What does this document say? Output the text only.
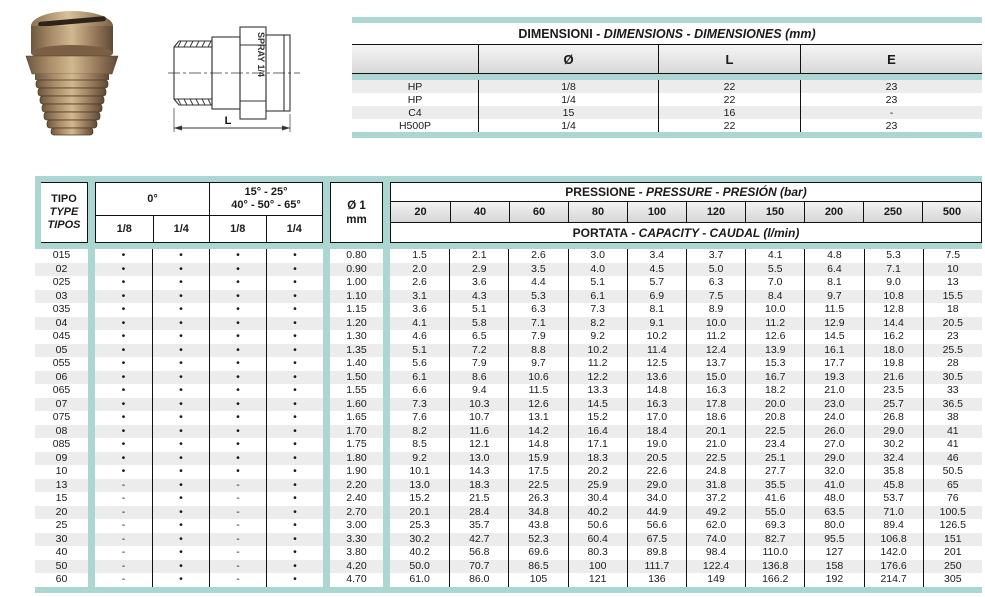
SPRAY 1/4
L
DIMENSIONI - DIMENSIONS - DIMENSIONES (mm)
Ø	L	E
HP	1/8	22	23
HP	1/4	22	23
C4	15	16	-
H500P	1/4	22	23
TIPO
TYPE
TIPOS
0°
15° - 25°
40° - 50° - 65°
1/8	1/4	1/8	1/4
Ø 1
mm
PRESSIONE - PRESSURE - PRESIÓN (bar)
20	40	60	80	100	120	150	200	250	500
PORTATA - CAPACITY - CAUDAL (l/min)
015	•	•	•	•	0.80	1.5	2.1	2.6	3.0	3.4	3.7	4.1	4.8	5.3	7.5
02	•	•	•	•	0.90	2.0	2.9	3.5	4.0	4.5	5.0	5.5	6.4	7.1	10
025	•	•	•	•	1.00	2.6	3.6	4.4	5.1	5.7	6.3	7.0	8.1	9.0	13
03	•	•	•	•	1.10	3.1	4.3	5.3	6.1	6.9	7.5	8.4	9.7	10.8	15.5
035	•	•	•	•	1.15	3.6	5.1	6.3	7.3	8.1	8.9	10.0	11.5	12.8	18
04	•	•	•	•	1.20	4.1	5.8	7.1	8.2	9.1	10.0	11.2	12.9	14.4	20.5
045	•	•	•	•	1.30	4.6	6.5	7.9	9.2	10.2	11.2	12.6	14.5	16.2	23
05	•	•	•	•	1.35	5.1	7.2	8.8	10.2	11.4	12.4	13.9	16.1	18.0	25.5
055	•	•	•	•	1.40	5.6	7.9	9.7	11.2	12.5	13.7	15.3	17.7	19.8	28
06	•	•	•	•	1.50	6.1	8.6	10.6	12.2	13.6	15.0	16.7	19.3	21.6	30.5
065	•	•	•	•	1.55	6.6	9.4	11.5	13.3	14.8	16.3	18.2	21.0	23.5	33
07	•	•	•	•	1.60	7.3	10.3	12.6	14.5	16.3	17.8	20.0	23.0	25.7	36.5
075	•	•	•	•	1.65	7.6	10.7	13.1	15.2	17.0	18.6	20.8	24.0	26.8	38
08	•	•	•	•	1.70	8.2	11.6	14.2	16.4	18.4	20.1	22.5	26.0	29.0	41
085	•	•	•	•	1.75	8.5	12.1	14.8	17.1	19.0	21.0	23.4	27.0	30.2	41
09	•	•	•	•	1.80	9.2	13.0	15.9	18.3	20.5	22.5	25.1	29.0	32.4	46
10	•	•	•	•	1.90	10.1	14.3	17.5	20.2	22.6	24.8	27.7	32.0	35.8	50.5
13	-	•	-	•	2.20	13.0	18.3	22.5	25.9	29.0	31.8	35.5	41.0	45.8	65
15	-	•	-	•	2.40	15.2	21.5	26.3	30.4	34.0	37.2	41.6	48.0	53.7	76
20	-	•	-	•	2.70	20.1	28.4	34.8	40.2	44.9	49.2	55.0	63.5	71.0	100.5
25	-	•	-	•	3.00	25.3	35.7	43.8	50.6	56.6	62.0	69.3	80.0	89.4	126.5
30	-	•	-	•	3.30	30.2	42.7	52.3	60.4	67.5	74.0	82.7	95.5	106.8	151
40	-	•	-	•	3.80	40.2	56.8	69.6	80.3	89.8	98.4	110.0	127	142.0	201
50	-	•	-	•	4.20	50.0	70.7	86.5	100	111.7	122.4	136.8	158	176.6	250
60	-	•	-	•	4.70	61.0	86.0	105	121	136	149	166.2	192	214.7	305
